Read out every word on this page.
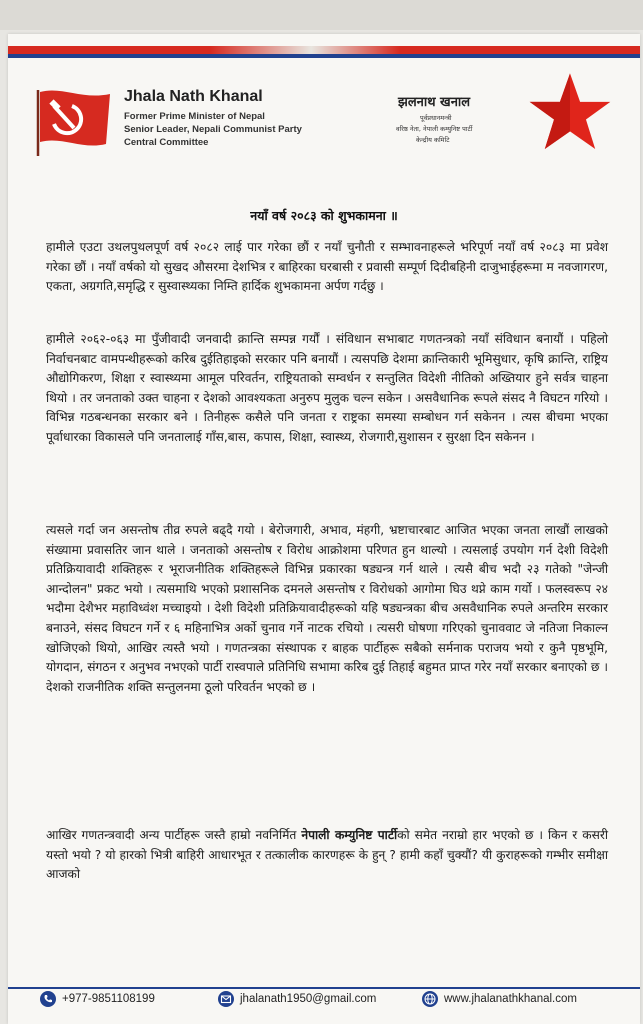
Jhala Nath Khanal
Former Prime Minister of Nepal
Senior Leader, Nepali Communist Party
Central Committee
झलनाथ खनाल
पूर्वप्रधानमन्त्री
वरिष्ठ नेता, नेपाली कम्युनिष्ट पार्टी
केन्द्रीय कमिटि
नयाँ वर्ष २०८३ को शुभकामना ॥

हामीले एउटा उथलपुथलपूर्ण वर्ष २०८२ लाई पार गरेका छौं र नयाँ चुनौती र सम्भावनाहरूले भरिपूर्ण नयाँ वर्ष २०८३ मा प्रवेश गरेका छौं । नयाँ वर्षको यो सुखद औसरमा देशभित्र र बाहिरका घरबासी र प्रवासी सम्पूर्ण दिदीबहिनी दाजुभाईहरूमा म नवजागरण, एकता, अग्रगति,समृद्धि र सुस्वास्थ्यका निम्ति हार्दिक शुभकामना अर्पण गर्दछु ।

हामीले २०६२-०६३ मा पुँजीवादी जनवादी क्रान्ति सम्पन्न गर्यौं । संविधान सभाबाट गणतन्त्रको नयाँ संविधान बनायौं । पहिलो निर्वाचनबाट वामपन्थीहरूको करिब दुईतिहाइको सरकार पनि बनायौं । त्यसपछि देशमा क्रान्तिकारी भूमिसुधार, कृषि क्रान्ति, राष्ट्रिय औद्योगिकरण, शिक्षा र स्वास्थ्यमा आमूल परिवर्तन, राष्ट्रियताको सम्वर्धन र सन्तुलित विदेशी नीतिको अख्तियार हुने सर्वत्र चाहना थियो । तर जनताको उक्त चाहना र देशको आवश्यकता अनुरुप मुलुक चल्न सकेन । असवैधानिक रूपले संसद नै विघटन गरियो । विभिन्न गठबन्धनका सरकार बने । तिनीहरू कसैले पनि जनता र राष्ट्रका समस्या सम्बोधन गर्न सकेनन । त्यस बीचमा भएका पूर्वाधारका विकासले पनि जनतालाई गाँस,बास, कपास, शिक्षा, स्वास्थ्य, रोजगारी,सुशासन र सुरक्षा दिन सकेनन ।

त्यसले गर्दा जन असन्तोष तीव्र रुपले बढ्दै गयो । बेरोजगारी, अभाव, मंहगी, भ्रष्टाचारबाट आजित भएका जनता लाखौं लाखको संख्यामा प्रवासतिर जान थाले । जनताको असन्तोष र विरोध आक्रोशमा परिणत हुन थाल्यो । त्यसलाई उपयोग गर्न देशी विदेशी प्रतिक्रियावादी शक्तिहरू र भूराजनीतिक शक्तिहरूले विभिन्न प्रकारका षड्यन्त्र गर्न थाले । त्यसै बीच भदौ २३ गतेको "जेन्जी आन्दोलन" प्रकट भयो । त्यसमाथि भएको प्रशासनिक दमनले असन्तोष र विरोधको आगोमा घिउ थप्ने काम गर्यो । फलस्वरूप २४ भदौमा देशैभर महाविध्वंश मच्चाइयो । देशी विदेशी प्रतिक्रियावादीहरूको यहि षड्यन्त्रका बीच असवैधानिक रुपले अन्तरिम सरकार बनाउने, संसद विघटन गर्ने र ६ महिनाभित्र अर्को चुनाव गर्ने नाटक रचियो । त्यसरी घोषणा गरिएको चुनाववाट जे नतिजा निकाल्न खोजिएको थियो, आखिर त्यस्तै भयो । गणतन्त्रका संस्थापक र बाहक पार्टीहरू सबैको सर्मनाक पराजय भयो र कुनै पृष्ठभूमि, योगदान, संगठन र अनुभव नभएको पार्टी रास्वपाले प्रतिनिधि सभामा करिब दुई तिहाई बहुमत प्राप्त गरेर नयाँ सरकार बनाएको छ । देशको राजनीतिक शक्ति सन्तुलनमा ठूलो परिवर्तन भएको छ ।

आखिर गणतन्त्रवादी अन्य पार्टीहरू जस्तै हाम्रो नवनिर्मित नेपाली कम्युनिष्ट पार्टीको समेत नराम्रो हार भएको छ । किन र कसरी यस्तो भयो ? यो हारको भित्री बाहिरी आधारभूत र तत्कालीक कारणहरू के हुन् ? हामी कहाँ चुक्यौं? यी कुराहरूको गम्भीर समीक्षा आजको

+977-9851108199	jhalanath1950@gmail.com	www.jhalanathkhanal.com
